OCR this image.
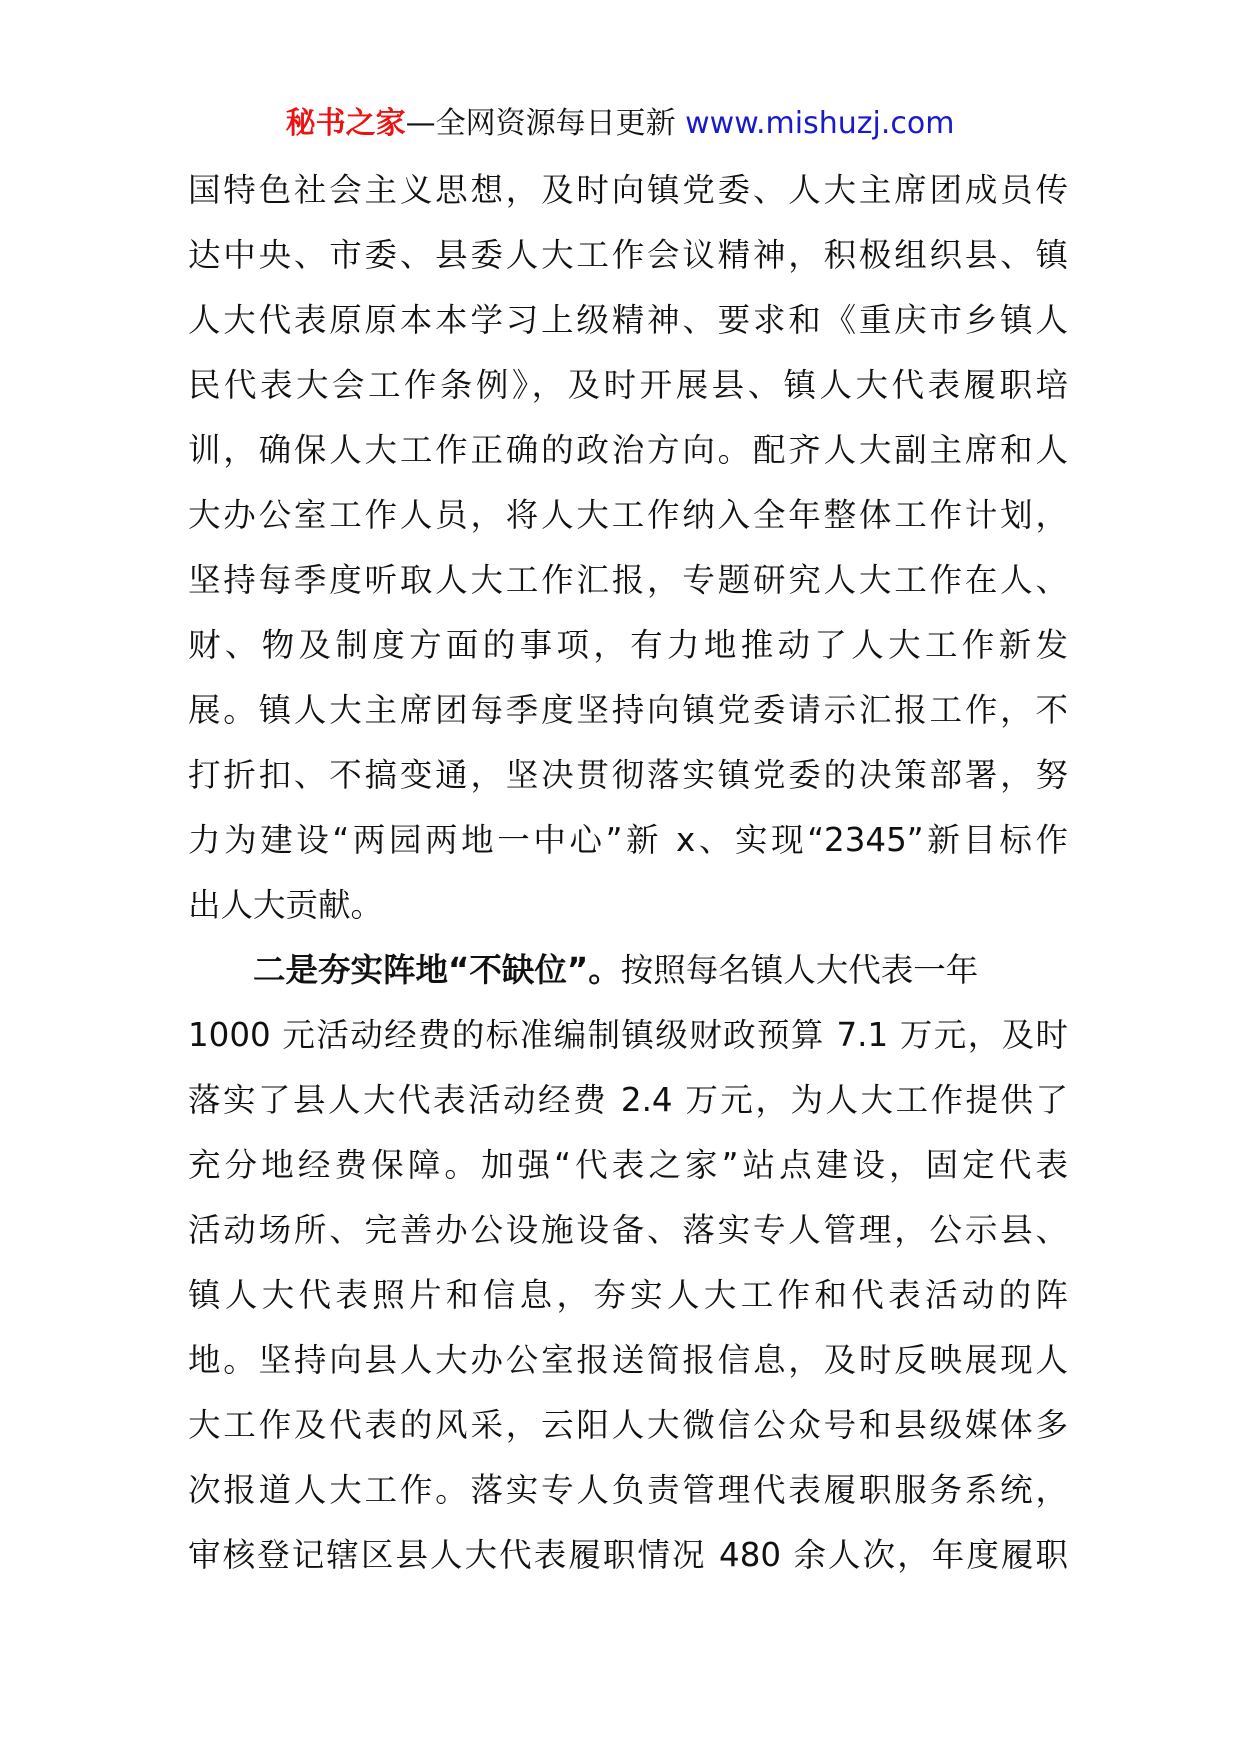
秘书之家—全网资源每日更新 www.mishuzj.com
国特色社会主义思想，及时向镇党委、人大主席团成员传
达中央、市委、县委人大工作会议精神，积极组织县、镇
人大代表原原本本学习上级精神、要求和《重庆市乡镇人
民代表大会工作条例》，及时开展县、镇人大代表履职培
训，确保人大工作正确的政治方向。配齐人大副主席和人
大办公室工作人员，将人大工作纳入全年整体工作计划，
坚持每季度听取人大工作汇报，专题研究人大工作在人、
财、物及制度方面的事项，有力地推动了人大工作新发
展。镇人大主席团每季度坚持向镇党委请示汇报工作，不
打折扣、不搞变通，坚决贯彻落实镇党委的决策部署，努
力为建设“两园两地一中心”新 x、实现“2345”新目标作
出人大贡献。
二是夯实阵地“不缺位”。按照每名镇人大代表一年
1000 元活动经费的标准编制镇级财政预算 7.1 万元，及时
落实了县人大代表活动经费 2.4 万元，为人大工作提供了
充分地经费保障。加强“代表之家”站点建设，固定代表
活动场所、完善办公设施设备、落实专人管理，公示县、
镇人大代表照片和信息，夯实人大工作和代表活动的阵
地。坚持向县人大办公室报送简报信息，及时反映展现人
大工作及代表的风采，云阳人大微信公众号和县级媒体多
次报道人大工作。落实专人负责管理代表履职服务系统，
审核登记辖区县人大代表履职情况 480 余人次，年度履职
